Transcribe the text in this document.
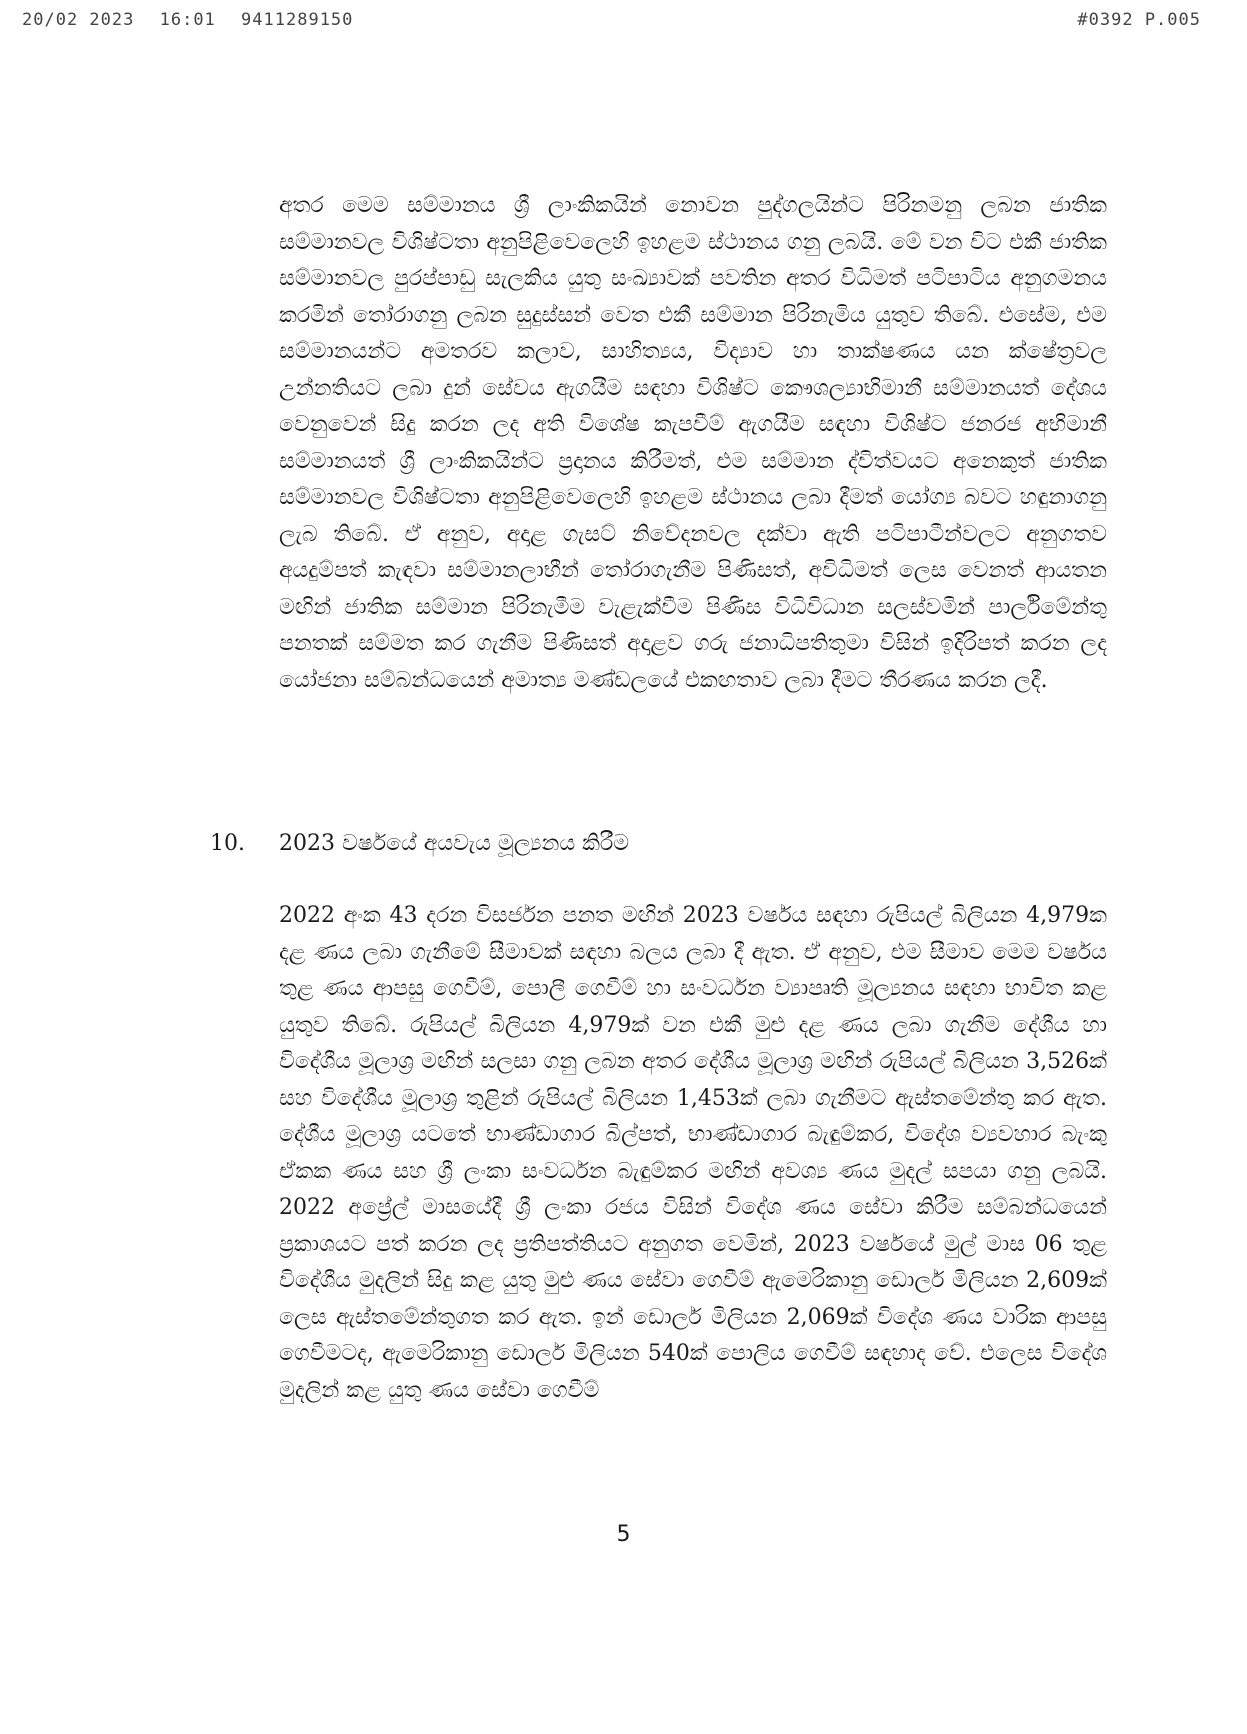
20/02 2023 16:01 9411289150	#0392 P.005

අතර මෙම සම්මානය ශ්‍රී ලාංකිකයින් නොවන පුද්ගලයින්ට පිරිනමනු ලබන ජාතික සම්මානවල විශිෂ්ටතා අනුපිළිවෙලෙහි ඉහළම ස්ථානය ගනු ලබයි. මේ වන විට එකී ජාතික සම්මානවල පුරප්පාඩු සැලකිය යුතු සංඛ්‍යාවක් පවතින අතර විධිමත් පටිපාටිය අනුගමනය කරමින් තෝරාගනු ලබන සුදුස්සන් වෙත එකී සම්මාන පිරිනැමිය යුතුව තිබේ. එසේම, එම සම්මානයන්ට අමතරව කලාව, සාහිත්‍යය, විද්‍යාව හා තාක්ෂණය යන ක්ෂේත්‍රවල උන්නතියට ලබා දුන් සේවය ඇගයීම සඳහා විශිෂ්ට කෞශල්‍යාභිමානී සම්මානයත් දේශය වෙනුවෙන් සිදු කරන ලද අති විශේෂ කැපවීම් ඇගයීම සඳහා විශිෂ්ට ජනරජ අභිමානී සම්මානයත් ශ්‍රී ලාංකිකයින්ට ප්‍රදානය කිරීමත්, එම සම්මාන ද්විත්වයට අනෙකුත් ජාතික සම්මානවල විශිෂ්ටතා අනුපිළිවෙලෙහි ඉහළම ස්ථානය ලබා දීමත් යෝග්‍ය බවට හඳුනාගනු ලැබ තිබේ. ඒ අනුව, අදාළ ගැසට් නිවේදනවල දක්වා ඇති පටිපාටීන්වලට අනුගතව අයදුම්පත් කැඳවා සම්මානලාභීන් තෝරාගැනීම පිණිසත්, අවිධිමත් ලෙස වෙනත් ආයතන මඟින් ජාතික සම්මාන පිරිනැමීම වැළැක්වීම පිණිස විධිවිධාන සලස්වමින් පාර්ලිමේන්තු පනතක් සම්මත කර ගැනීම පිණිසත් අදාළව ගරු ජනාධිපතිතුමා විසින් ඉදිරිපත් කරන ලද යෝජනා සම්බන්ධයෙන් අමාත්‍ය මණ්ඩලයේ එකඟතාව ලබා දීමට තීරණය කරන ලදී.

10. 2023 වර්ෂයේ අයවැය මූල්‍යනය කිරීම

2022 අංක 43 දරන විසර්ජන පනත මඟින් 2023 වර්ෂය සඳහා රුපියල් බිලියන 4,979ක දළ ණය ලබා ගැනීමේ සීමාවක් සඳහා බලය ලබා දී ඇත. ඒ අනුව, එම සීමාව මෙම වර්ෂය තුළ ණය ආපසු ගෙවීම්, පොලී ගෙවීම් හා සංවර්ධන ව්‍යාපෘති මූල්‍යනය සඳහා භාවිත කළ යුතුව තිබේ. රුපියල් බිලියන 4,979ක් වන එකී මුළු දළ ණය ලබා ගැනීම දේශීය හා විදේශීය මූලාශ්‍ර මඟින් සලසා ගනු ලබන අතර දේශීය මූලාශ්‍ර මඟින් රුපියල් බිලියන 3,526ක් සහ විදේශීය මූලාශ්‍ර තුළින් රුපියල් බිලියන 1,453ක් ලබා ගැනීමට ඇස්තමේන්තු කර ඇත. දේශීය මූලාශ්‍ර යටතේ භාණ්ඩාගාර බිල්පත්, භාණ්ඩාගාර බැඳුම්කර, විදේශ ව්‍යවහාර බැංකු ඒකක ණය සහ ශ්‍රී ලංකා සංවර්ධන බැඳුම්කර මඟින් අවශ්‍ය ණය මුදල් සපයා ගනු ලබයි. 2022 අප්‍රේල් මාසයේදී ශ්‍රී ලංකා රජය විසින් විදේශ ණය සේවා කිරීම සම්බන්ධයෙන් ප්‍රකාශයට පත් කරන ලද ප්‍රතිපත්තියට අනුගත වෙමින්, 2023 වර්ෂයේ මුල් මාස 06 තුළ විදේශීය මුදලින් සිදු කළ යුතු මුළු ණය සේවා ගෙවීම් ඇමෙරිකානු ඩොලර් මිලියන 2,609ක් ලෙස ඇස්තමේන්තුගත කර ඇත. ඉන් ඩොලර් මිලියන 2,069ක් විදේශ ණය වාරික ආපසු ගෙවීමටද, ඇමෙරිකානු ඩොලර් මිලියන 540ක් පොලිය ගෙවීම් සඳහාද වේ. එලෙස විදේශ මුදලින් කළ යුතු ණය සේවා ගෙවීම්

5
